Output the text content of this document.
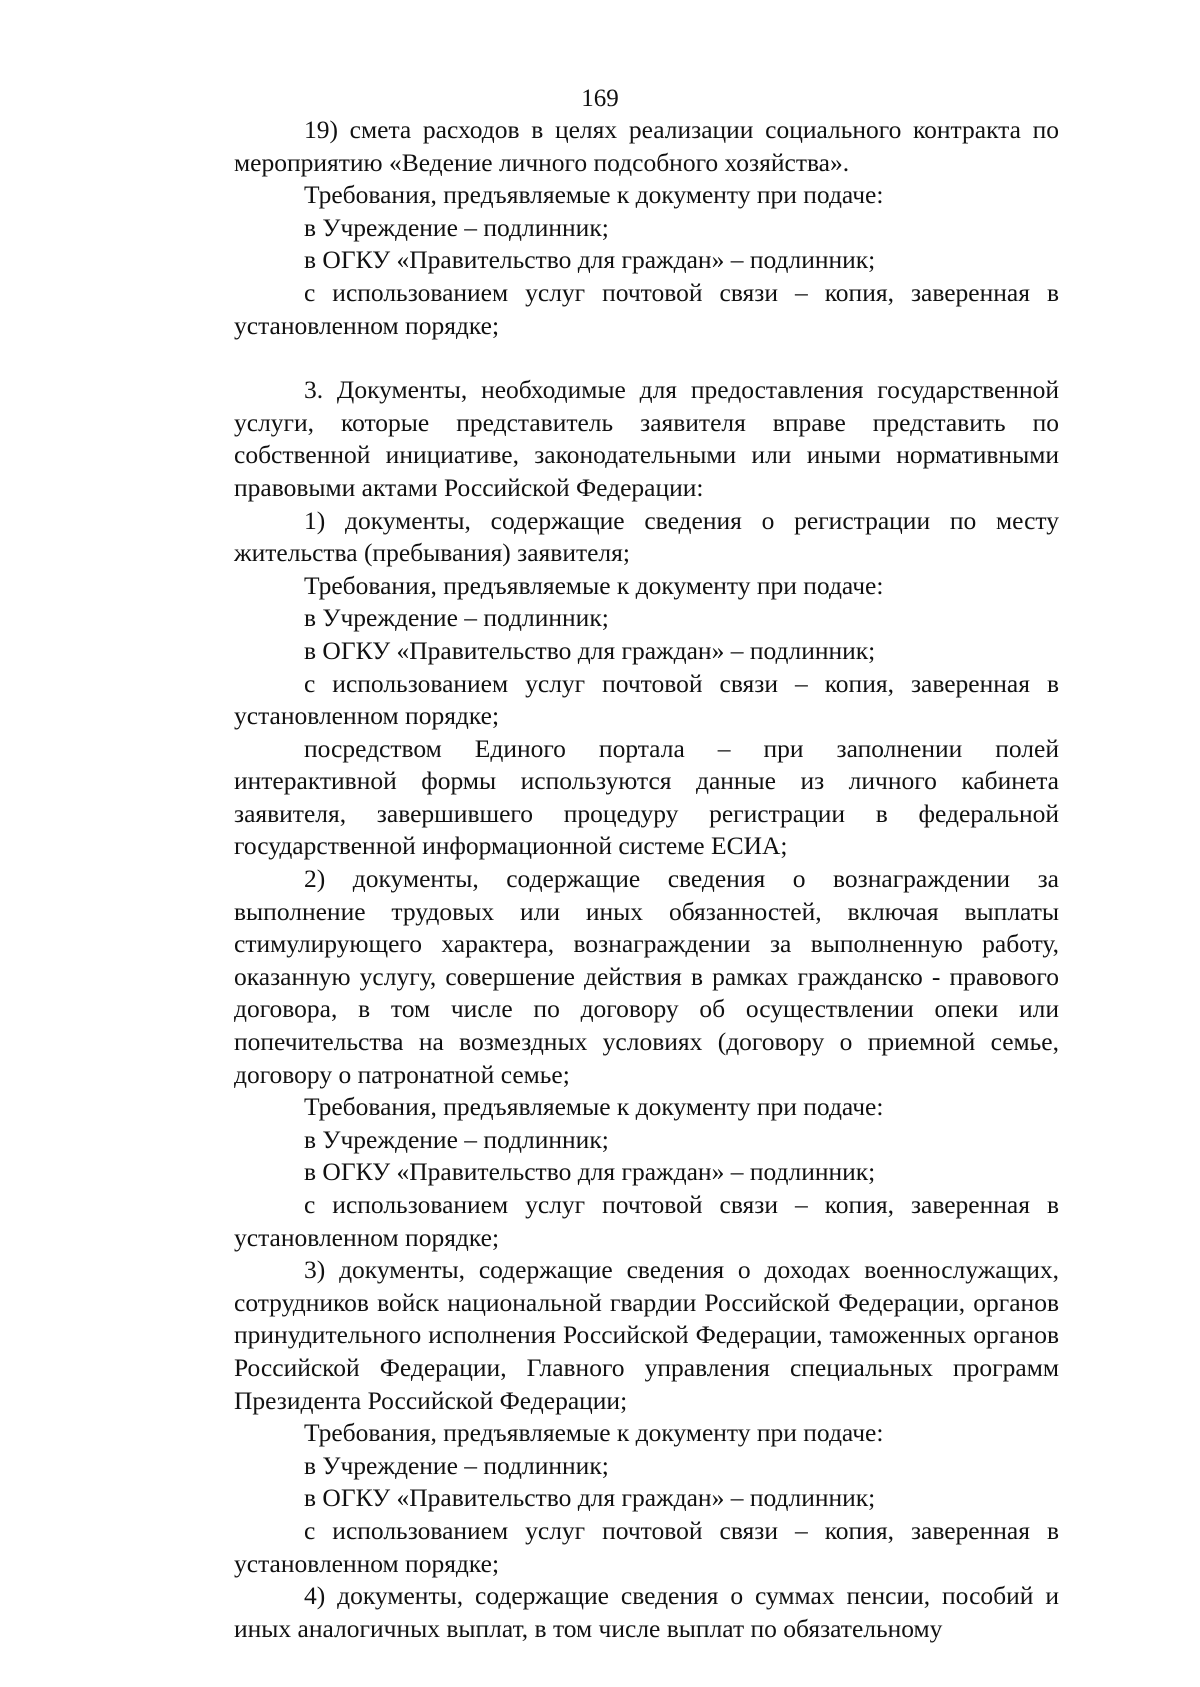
169

19) смета расходов в целях реализации социального контракта по мероприятию «Ведение личного подсобного хозяйства».

Требования, предъявляемые к документу при подаче:

в Учреждение – подлинник;

в ОГКУ «Правительство для граждан» – подлинник;

с использованием услуг почтовой связи – копия, заверенная в установленном порядке;

3. Документы, необходимые для предоставления государственной услуги, которые представитель заявителя вправе представить по собственной инициативе, законодательными или иными нормативными правовыми актами Российской Федерации:

1) документы, содержащие сведения о регистрации по месту жительства (пребывания) заявителя;

Требования, предъявляемые к документу при подаче:

в Учреждение – подлинник;

в ОГКУ «Правительство для граждан» – подлинник;

с использованием услуг почтовой связи – копия, заверенная в установленном порядке;

посредством Единого портала – при заполнении полей интерактивной формы используются данные из личного кабинета заявителя, завершившего процедуру регистрации в федеральной государственной информационной системе ЕСИА;

2) документы, содержащие сведения о вознаграждении за выполнение трудовых или иных обязанностей, включая выплаты стимулирующего характера, вознаграждении за выполненную работу, оказанную услугу, совершение действия в рамках гражданско - правового договора, в том числе по договору об осуществлении опеки или попечительства на возмездных условиях (договору о приемной семье, договору о патронатной семье;

Требования, предъявляемые к документу при подаче:

в Учреждение – подлинник;

в ОГКУ «Правительство для граждан» – подлинник;

с использованием услуг почтовой связи – копия, заверенная в установленном порядке;

3) документы, содержащие сведения о доходах военнослужащих, сотрудников войск национальной гвардии Российской Федерации, органов принудительного исполнения Российской Федерации, таможенных органов Российской Федерации, Главного управления специальных программ Президента Российской Федерации;

Требования, предъявляемые к документу при подаче:

в Учреждение – подлинник;

в ОГКУ «Правительство для граждан» – подлинник;

с использованием услуг почтовой связи – копия, заверенная в установленном порядке;

4) документы, содержащие сведения о суммах пенсии, пособий и иных аналогичных выплат, в том числе выплат по обязательному
